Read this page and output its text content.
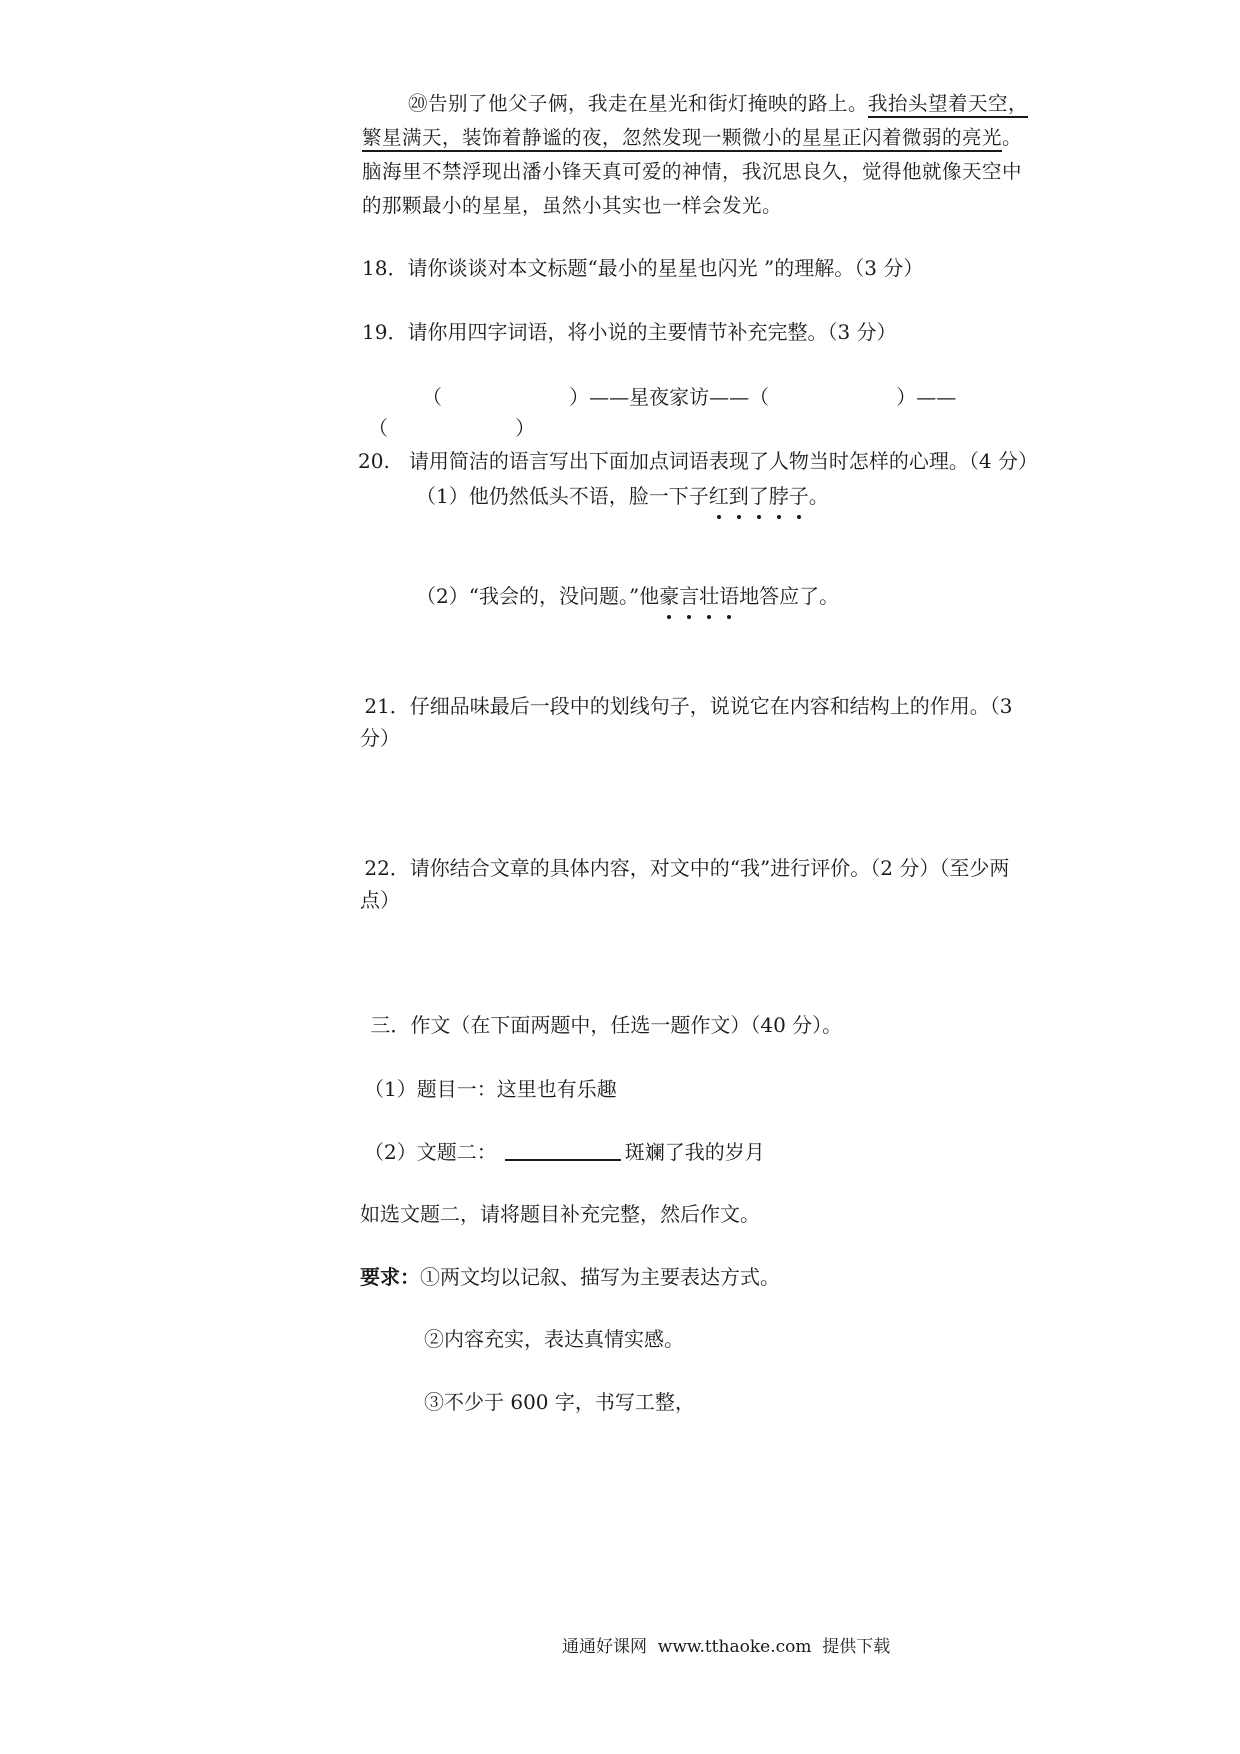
⑳告别了他父子俩，我走在星光和街灯掩映的路上。我抬头望着天空，
繁星满天，装饰着静谧的夜，忽然发现一颗微小的星星正闪着微弱的亮光。
脑海里不禁浮现出潘小锋天真可爱的神情，我沉思良久，觉得他就像天空中
的那颗最小的星星，虽然小其实也一样会发光。
18．请你谈谈对本文标题“最小的星星也闪光 ”的理解。（3 分）
19．请你用四字词语，将小说的主要情节补充完整。（3 分）
（                    ）——星夜家访——（                    ）——
（                    ）
20.   请用简洁的语言写出下面加点词语表现了人物当时怎样的心理。（4 分）
（1）他仍然低头不语，脸一下子红到了脖子。
（2）“我会的，没问题。”他豪言壮语地答应了。
21．仔细品味最后一段中的划线句子，说说它在内容和结构上的作用。（3
分）
22．请你结合文章的具体内容，对文中的“我”进行评价。（2 分）（至少两
点）
三．作文（在下面两题中，任选一题作文）（40 分）。
（1）题目一：这里也有乐趣
（2）文题二：	斑斓了我的岁月
如选文题二，请将题目补充完整，然后作文。
要求：①两文均以记叙、描写为主要表达方式。
②内容充实，表达真情实感。
③不少于 600 字，书写工整，
通通好课网  www.tthaoke.com  提供下载
